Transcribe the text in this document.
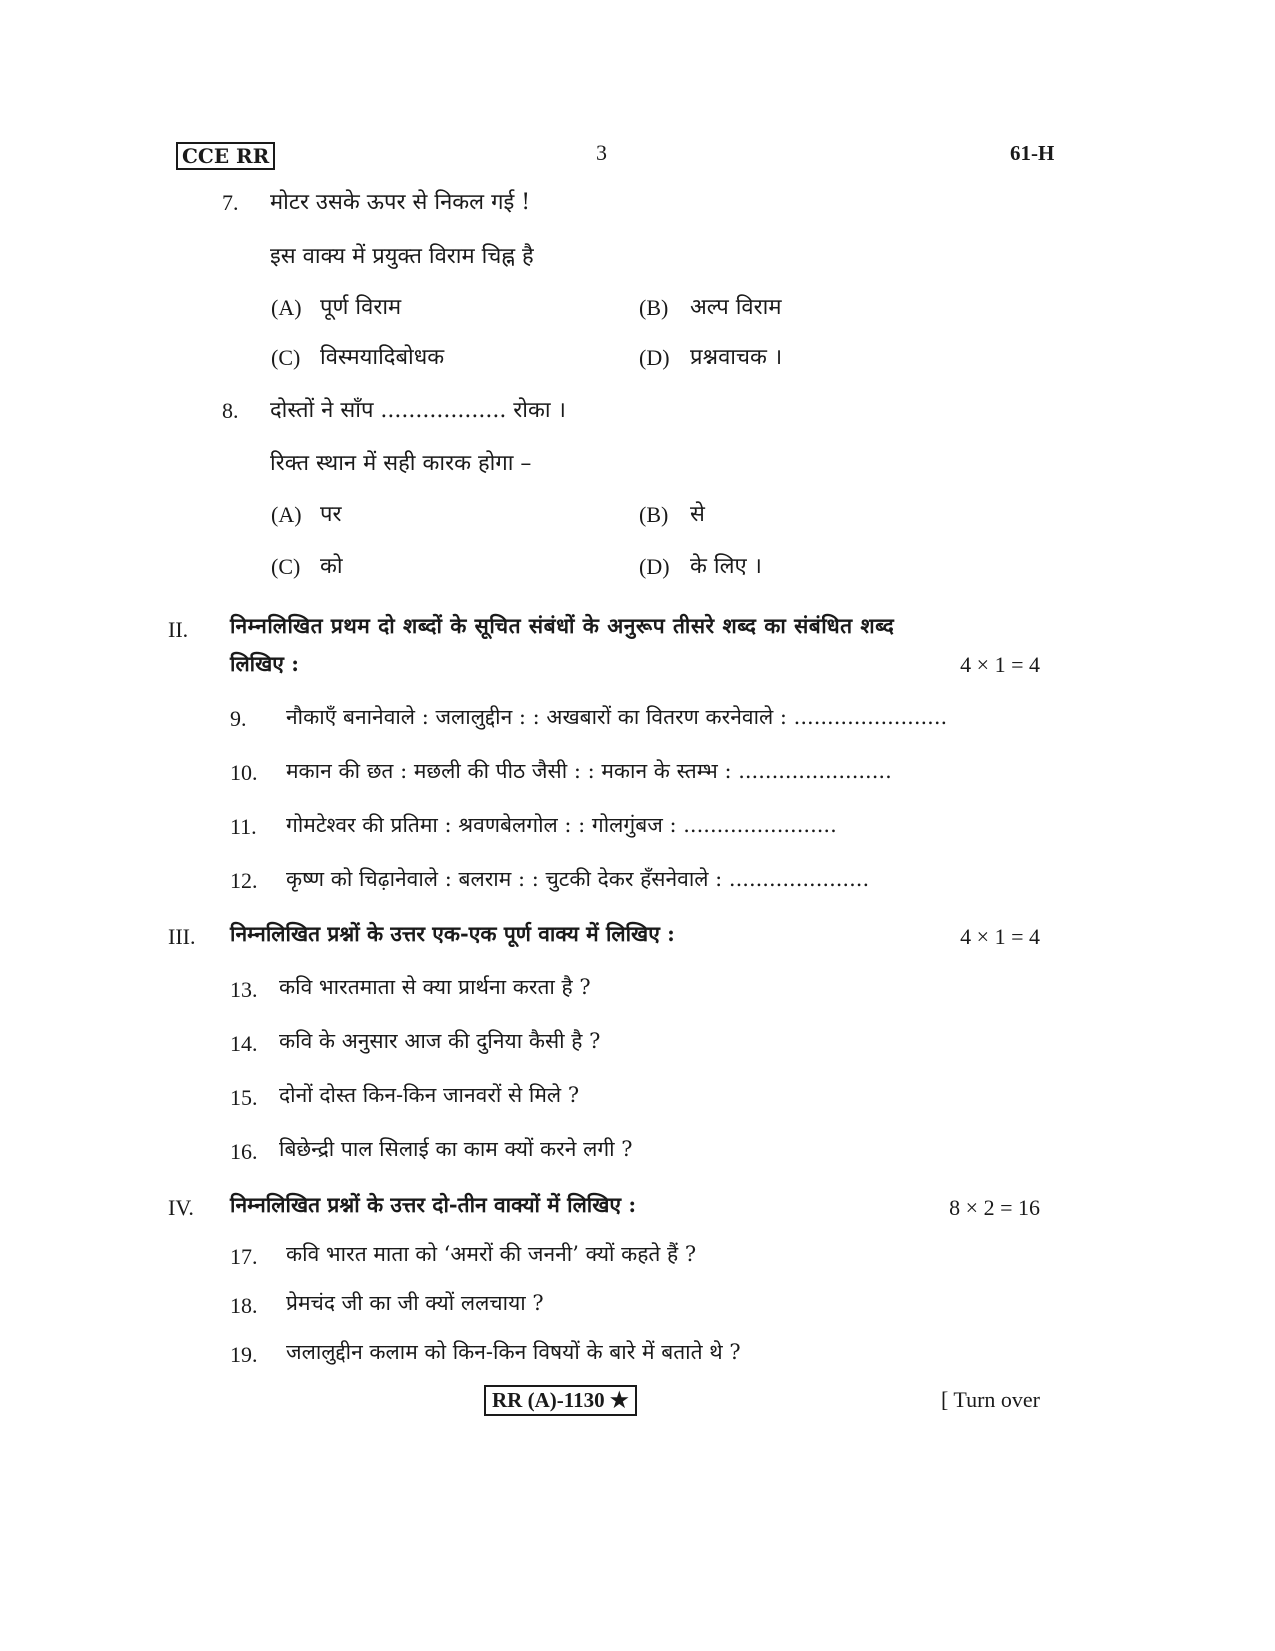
CCE RR	3	61-H
7. मोटर उसके ऊपर से निकल गई !
इस वाक्य में प्रयुक्त विराम चिह्न है
(A) पूर्ण विराम	(B) अल्प विराम
(C) विस्मयादिबोधक	(D) प्रश्नवाचक ।
8. दोस्तों ने साँप .................. रोका ।
रिक्त स्थान में सही कारक होगा –
(A) पर	(B) से
(C) को	(D) के लिए ।
II. निम्नलिखित प्रथम दो शब्दों के सूचित संबंधों के अनुरूप तीसरे शब्द का संबंधित शब्द
लिखिए :	4 × 1 = 4
9. नौकाएँ बनानेवाले : जलालुद्दीन : : अखबारों का वितरण करनेवाले : .......................
10. मकान की छत : मछली की पीठ जैसी : : मकान के स्तम्भ : .......................
11. गोमटेश्वर की प्रतिमा : श्रवणबेलगोल : : गोलगुंबज : .......................
12. कृष्ण को चिढ़ानेवाले : बलराम : : चुटकी देकर हँसनेवाले : .....................
III. निम्नलिखित प्रश्नों के उत्तर एक-एक पूर्ण वाक्य में लिखिए :	4 × 1 = 4
13. कवि भारतमाता से क्या प्रार्थना करता है ?
14. कवि के अनुसार आज की दुनिया कैसी है ?
15. दोनों दोस्त किन-किन जानवरों से मिले ?
16. बिछेन्द्री पाल सिलाई का काम क्यों करने लगी ?
IV. निम्नलिखित प्रश्नों के उत्तर दो-तीन वाक्यों में लिखिए :	8 × 2 = 16
17. कवि भारत माता को ‘अमरों की जननी’ क्यों कहते हैं ?
18. प्रेमचंद जी का जी क्यों ललचाया ?
19. जलालुद्दीन कलाम को किन-किन विषयों के बारे में बताते थे ?
RR (A)-1130 ★	[ Turn over
